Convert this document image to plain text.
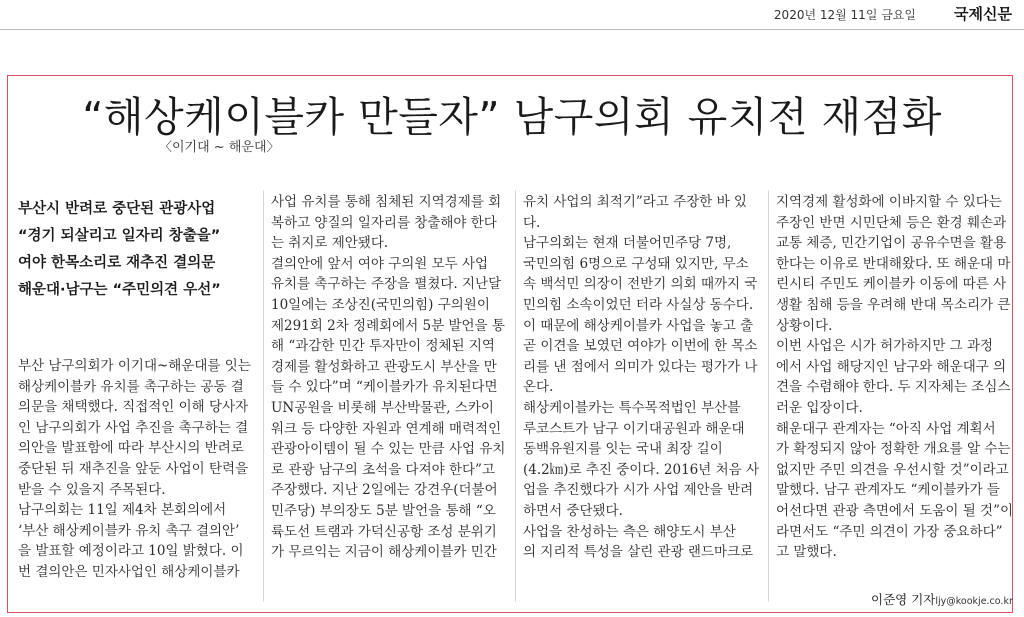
2020년 12월 11일 금요일	국제신문
“해상케이블카 만들자” 남구의회 유치전 재점화
〈이기대 ~ 해운대〉
부산시 반려로 중단된 관광사업
“경기 되살리고 일자리 창출을”
여야 한목소리로 재추진 결의문
해운대·남구는 “주민의견 우선”
부산 남구의회가 이기대~해운대를 잇는
해상케이블카 유치를 촉구하는 공동 결
의문을 채택했다. 직접적인 이해 당사자
인 남구의회가 사업 추진을 촉구하는 결
의안을 발표함에 따라 부산시의 반려로
중단된 뒤 재추진을 앞둔 사업이 탄력을
받을 수 있을지 주목된다.
남구의회는 11일 제4차 본회의에서
‘부산 해상케이블카 유치 촉구 결의안’
을 발표할 예정이라고 10일 밝혔다. 이
번 결의안은 민자사업인 해상케이블카
사업 유치를 통해 침체된 지역경제를 회
복하고 양질의 일자리를 창출해야 한다
는 취지로 제안됐다.
결의안에 앞서 여야 구의원 모두 사업
유치를 촉구하는 주장을 펼쳤다. 지난달
10일에는 조상진(국민의힘) 구의원이
제291회 2차 정례회에서 5분 발언을 통
해 “과감한 민간 투자만이 정체된 지역
경제를 활성화하고 관광도시 부산을 만
들 수 있다”며 “케이블카가 유치된다면
UN공원을 비롯해 부산박물관, 스카이
워크 등 다양한 자원과 연계해 매력적인
관광아이템이 될 수 있는 만큼 사업 유치
로 관광 남구의 초석을 다져야 한다”고
주장했다. 지난 2일에는 강견우(더불어
민주당) 부의장도 5분 발언을 통해 “오
륙도선 트램과 가덕신공항 조성 분위기
가 무르익는 지금이 해상케이블카 민간
유치 사업의 최적기”라고 주장한 바 있
다.
남구의회는 현재 더불어민주당 7명,
국민의힘 6명으로 구성돼 있지만, 무소
속 백석민 의장이 전반기 의회 때까지 국
민의힘 소속이었던 터라 사실상 동수다.
이 때문에 해상케이블카 사업을 놓고 출
곧 이견을 보였던 여야가 이번에 한 목소
리를 낸 점에서 의미가 있다는 평가가 나
온다.
해상케이블카는 특수목적법인 부산블
루코스트가 남구 이기대공원과 해운대
동백유원지를 잇는 국내 최장 길이
(4.2㎞)로 추진 중이다. 2016년 처음 사
업을 추진했다가 시가 사업 제안을 반려
하면서 중단됐다.
사업을 찬성하는 측은 해양도시 부산
의 지리적 특성을 살린 관광 랜드마크로
지역경제 활성화에 이바지할 수 있다는
주장인 반면 시민단체 등은 환경 훼손과
교통 체증, 민간기업이 공유수면을 활용
한다는 이유로 반대해왔다. 또 해운대 마
린시티 주민도 케이블카 이동에 따른 사
생활 침해 등을 우려해 반대 목소리가 큰
상황이다.
이번 사업은 시가 허가하지만 그 과정
에서 사업 해당지인 남구와 해운대구 의
견을 수렴해야 한다. 두 지자체는 조심스
러운 입장이다.
해운대구 관계자는 “아직 사업 계획서
가 확정되지 않아 정확한 개요를 알 수는
없지만 주민 의견을 우선시할 것”이라고
말했다. 남구 관계자도 “케이블카가 들
어선다면 관광 측면에서 도움이 될 것”이
라면서도 “주민 의견이 가장 중요하다”
고 말했다.
이준영 기자ljy@kookje.co.kr
